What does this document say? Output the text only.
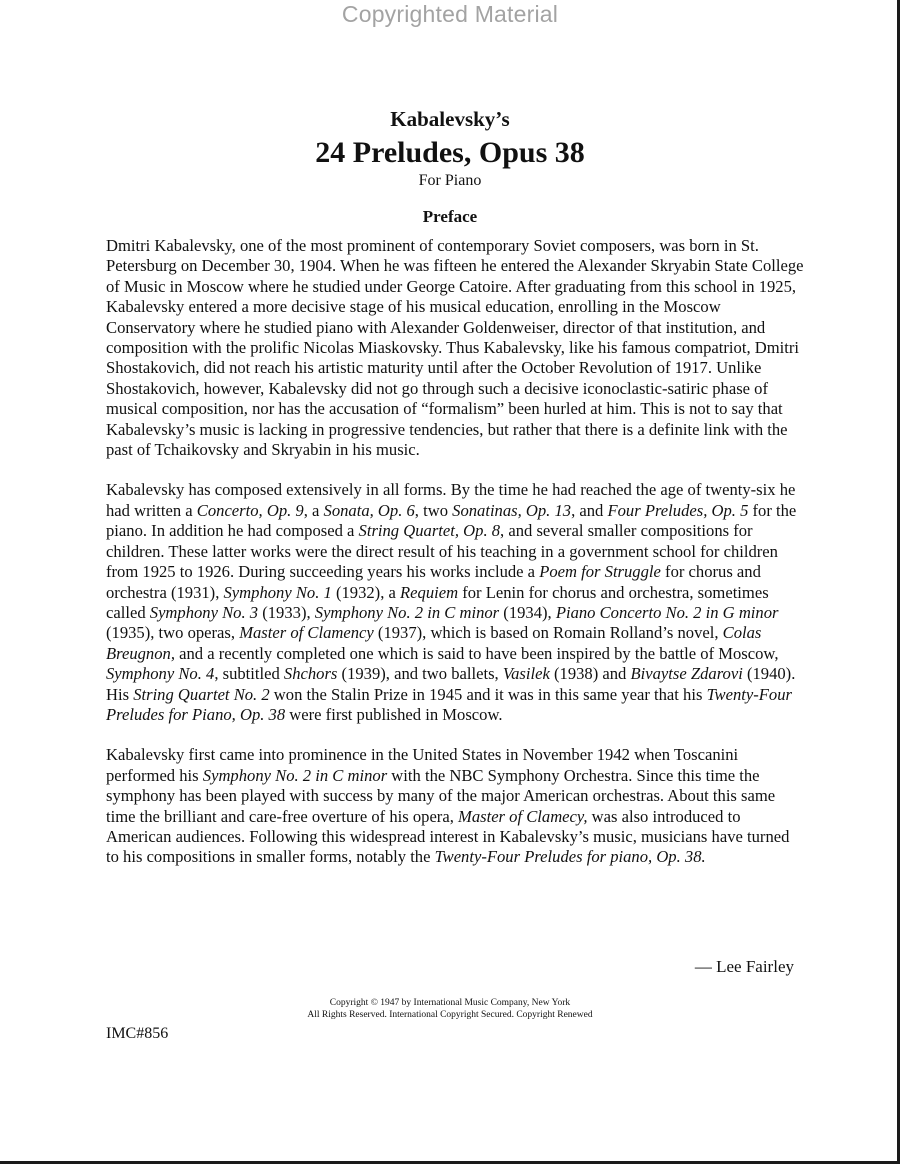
Copyrighted Material
Kabalevsky’s
24 Preludes, Opus 38
For Piano
Preface

Dmitri Kabalevsky, one of the most prominent of contemporary Soviet composers, was born in St. Petersburg on December 30, 1904. When he was fifteen he entered the Alexander Skryabin State College of Music in Moscow where he studied under George Catoire. After graduating from this school in 1925, Kabalevsky entered a more decisive stage of his musical education, enrolling in the Moscow Conservatory where he studied piano with Alexander Goldenweiser, director of that institution, and composition with the prolific Nicolas Miaskovsky. Thus Kabalevsky, like his famous compatriot, Dmitri Shostakovich, did not reach his artistic maturity until after the October Revolution of 1917. Unlike Shostakovich, however, Kabalevsky did not go through such a decisive iconoclastic-satiric phase of musical composition, nor has the accusation of “formalism” been hurled at him. This is not to say that Kabalevsky’s music is lacking in progressive tendencies, but rather that there is a definite link with the past of Tchaikovsky and Skryabin in his music.

Kabalevsky has composed extensively in all forms. By the time he had reached the age of twenty-six he had written a Concerto, Op. 9, a Sonata, Op. 6, two Sonatinas, Op. 13, and Four Preludes, Op. 5 for the piano. In addition he had composed a String Quartet, Op. 8, and several smaller compositions for children. These latter works were the direct result of his teaching in a government school for children from 1925 to 1926. During succeeding years his works include a Poem for Struggle for chorus and orchestra (1931), Symphony No. 1 (1932), a Requiem for Lenin for chorus and orchestra, sometimes called Symphony No. 3 (1933), Symphony No. 2 in C minor (1934), Piano Concerto No. 2 in G minor (1935), two operas, Master of Clamency (1937), which is based on Romain Rolland’s novel, Colas Breugnon, and a recently completed one which is said to have been inspired by the battle of Moscow, Symphony No. 4, subtitled Shchors (1939), and two ballets, Vasilek (1938) and Bivaytse Zdarovi (1940). His String Quartet No. 2 won the Stalin Prize in 1945 and it was in this same year that his Twenty-Four Preludes for Piano, Op. 38 were first published in Moscow.

Kabalevsky first came into prominence in the United States in November 1942 when Toscanini performed his Symphony No. 2 in C minor with the NBC Symphony Orchestra. Since this time the symphony has been played with success by many of the major American orchestras. About this same time the brilliant and care-free overture of his opera, Master of Clamecy, was also introduced to American audiences. Following this widespread interest in Kabalevsky’s music, musicians have turned to his compositions in smaller forms, notably the Twenty-Four Preludes for piano, Op. 38.

— Lee Fairley
Copyright © 1947 by International Music Company, New York
All Rights Reserved. International Copyright Secured. Copyright Renewed
IMC#856
